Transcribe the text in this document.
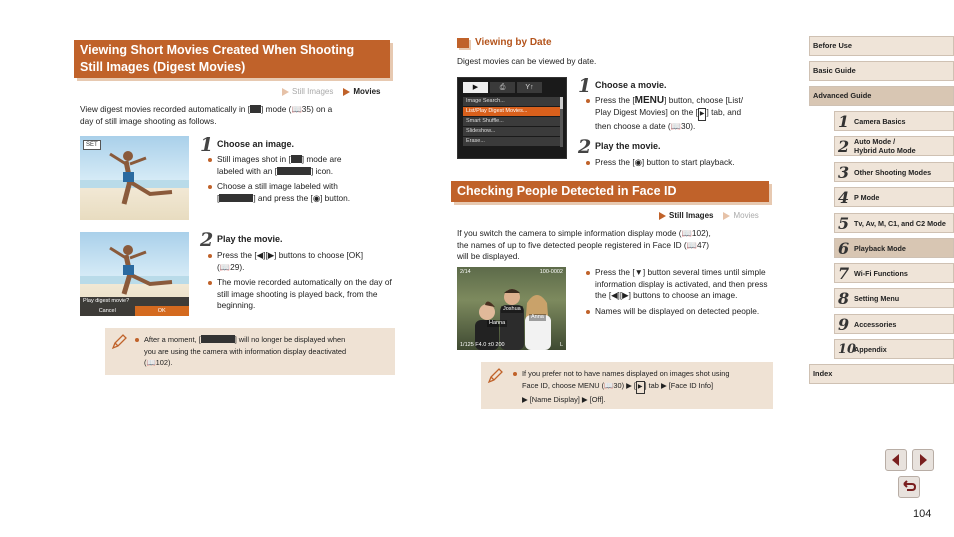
Viewing Short Movies Created When Shooting
Still Images (Digest Movies)
Still Images	Movies
View digest movies recorded automatically in [ ] mode (📖35) on a
day of still image shooting as follows.
SET	1 Choose an image.
Still images shot in [ ] mode are
labeled with an [	] icon.
Choose a still image labeled with
[	] and press the [◉] button.
Play digest movie?
Cancel	OK
2 Play the movie.
Press the [◀][▶] buttons to choose [OK]
(📖29).
The movie recorded automatically on the day of still image shooting is played back, from the beginning.
After a moment, [	] will no longer be displayed when
you are using the camera with information display deactivated
(📖102).
Viewing by Date
Digest movies can be viewed by date.
▶	⎙	Y↑
Image Search...
List/Play Digest Movies...
Smart Shuffle...
Slideshow...
Erase...
1 Choose a movie.
Press the [MENU] button, choose [List/
Play Digest Movies] on the [ ▶ ] tab, and
then choose a date (📖30).
2 Play the movie.
Press the [◉] button to start playback.
Checking People Detected in Face ID
Still Images	Movies
If you switch the camera to simple information display mode (📖102),
the names of up to five detected people registered in Face ID (📖47)
will be displayed.
2/14	100-0002
Joshua
Anna
Hanna
1/125 F4.0 ±0 200	L
Press the [▼] button several times until simple information display is activated, and then press the [◀][▶] buttons to choose an image.
Names will be displayed on detected people.
If you prefer not to have names displayed on images shot using
Face ID, choose MENU (📖30) ▶ [ ▶ ] tab ▶ [Face ID Info]
▶ [Name Display] ▶ [Off].
Before Use
Basic Guide
Advanced Guide
1 Camera Basics
2 Auto Mode /
Hybrid Auto Mode
3 Other Shooting Modes
4 P Mode
5 Tv, Av, M, C1, and C2 Mode
6 Playback Mode
7 Wi-Fi Functions
8 Setting Menu
9 Accessories
10
Appendix
Index
104
